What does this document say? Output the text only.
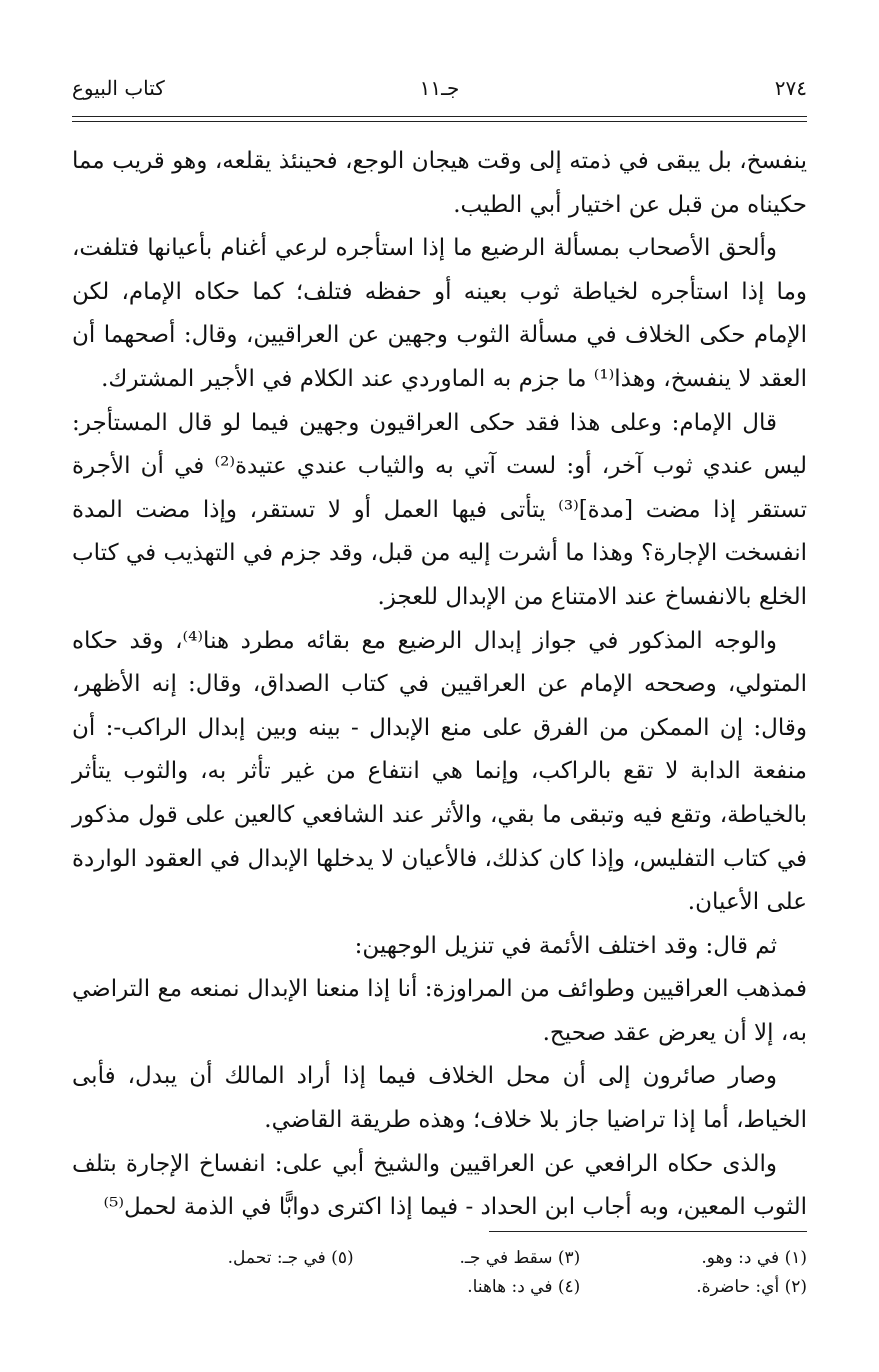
٢٧٤
جـ١١
كتاب البيوع

ينفسخ، بل يبقى في ذمته إلى وقت هيجان الوجع، فحينئذ يقلعه، وهو قريب مما حكيناه من قبل عن اختيار أبي الطيب.

وألحق الأصحاب بمسألة الرضيع ما إذا استأجره لرعي أغنام بأعيانها فتلفت، وما إذا استأجره لخياطة ثوب بعينه أو حفظه فتلف؛ كما حكاه الإمام، لكن الإمام حكى الخلاف في مسألة الثوب وجهين عن العراقيين، وقال: أصحهما أن العقد لا ينفسخ، وهذا⁽¹⁾ ما جزم به الماوردي عند الكلام في الأجير المشترك.

قال الإمام: وعلى هذا فقد حكى العراقيون وجهين فيما لو قال المستأجر: ليس عندي ثوب آخر، أو: لست آتي به والثياب عندي عتيدة⁽²⁾ في أن الأجرة تستقر إذا مضت [مدة]⁽³⁾ يتأتى فيها العمل أو لا تستقر، وإذا مضت المدة انفسخت الإجارة؟ وهذا ما أشرت إليه من قبل، وقد جزم في التهذيب في كتاب الخلع بالانفساخ عند الامتناع من الإبدال للعجز.

والوجه المذكور في جواز إبدال الرضيع مع بقائه مطرد هنا⁽⁴⁾، وقد حكاه المتولي، وصححه الإمام عن العراقيين في كتاب الصداق، وقال: إنه الأظهر، وقال: إن الممكن من الفرق على منع الإبدال - بينه وبين إبدال الراكب-: أن منفعة الدابة لا تقع بالراكب، وإنما هي انتفاع من غير تأثر به، والثوب يتأثر بالخياطة، وتقع فيه وتبقى ما بقي، والأثر عند الشافعي كالعين على قول مذكور في كتاب التفليس، وإذا كان كذلك، فالأعيان لا يدخلها الإبدال في العقود الواردة على الأعيان.

ثم قال: وقد اختلف الأئمة في تنزيل الوجهين:

فمذهب العراقيين وطوائف من المراوزة: أنا إذا منعنا الإبدال نمنعه مع التراضي به، إلا أن يعرض عقد صحيح.

وصار صائرون إلى أن محل الخلاف فيما إذا أراد المالك أن يبدل، فأبى الخياط، أما إذا تراضيا جاز بلا خلاف؛ وهذه طريقة القاضي.

والذى حكاه الرافعي عن العراقيين والشيخ أبي على: انفساخ الإجارة بتلف الثوب المعين، وبه أجاب ابن الحداد - فيما إذا اكترى دوابًّا في الذمة لحمل⁽⁵⁾

(١) في د: وهو.
(٣) سقط في جـ.
(٥) في جـ: تحمل.
(٢) أي: حاضرة.
(٤) في د: هاهنا.
